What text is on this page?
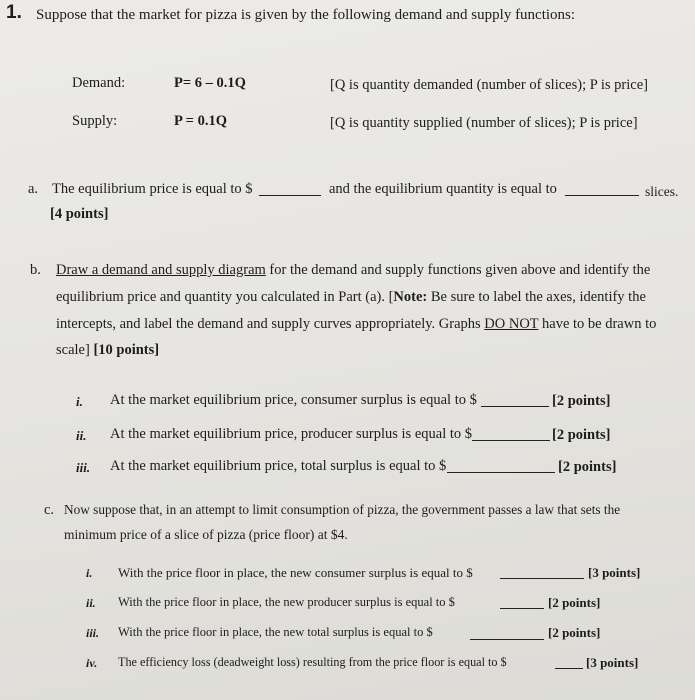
1. Suppose that the market for pizza is given by the following demand and supply functions:
Demand:	P= 6 – 0.1Q	[Q is quantity demanded (number of slices); P is price]
Supply:	P = 0.1Q	[Q is quantity supplied (number of slices); P is price]
a. The equilibrium price is equal to $	and the equilibrium quantity is equal to	slices.
[4 points]
b. Draw a demand and supply diagram for the demand and supply functions given above and identify the
equilibrium price and quantity you calculated in Part (a). [Note: Be sure to label the axes, identify the
intercepts, and label the demand and supply curves appropriately. Graphs DO NOT have to be drawn to
scale] [10 points]
i. At the market equilibrium price, consumer surplus is equal to $	[2 points]
ii. At the market equilibrium price, producer surplus is equal to $	[2 points]
iii. At the market equilibrium price, total surplus is equal to $	[2 points]
c. Now suppose that, in an attempt to limit consumption of pizza, the government passes a law that sets the
minimum price of a slice of pizza (price floor) at $4.
i. With the price floor in place, the new consumer surplus is equal to $	[3 points]
ii. With the price floor in place, the new producer surplus is equal to $	[2 points]
iii. With the price floor in place, the new total surplus is equal to $	[2 points]
iv. The efficiency loss (deadweight loss) resulting from the price floor is equal to $	[3 points]
